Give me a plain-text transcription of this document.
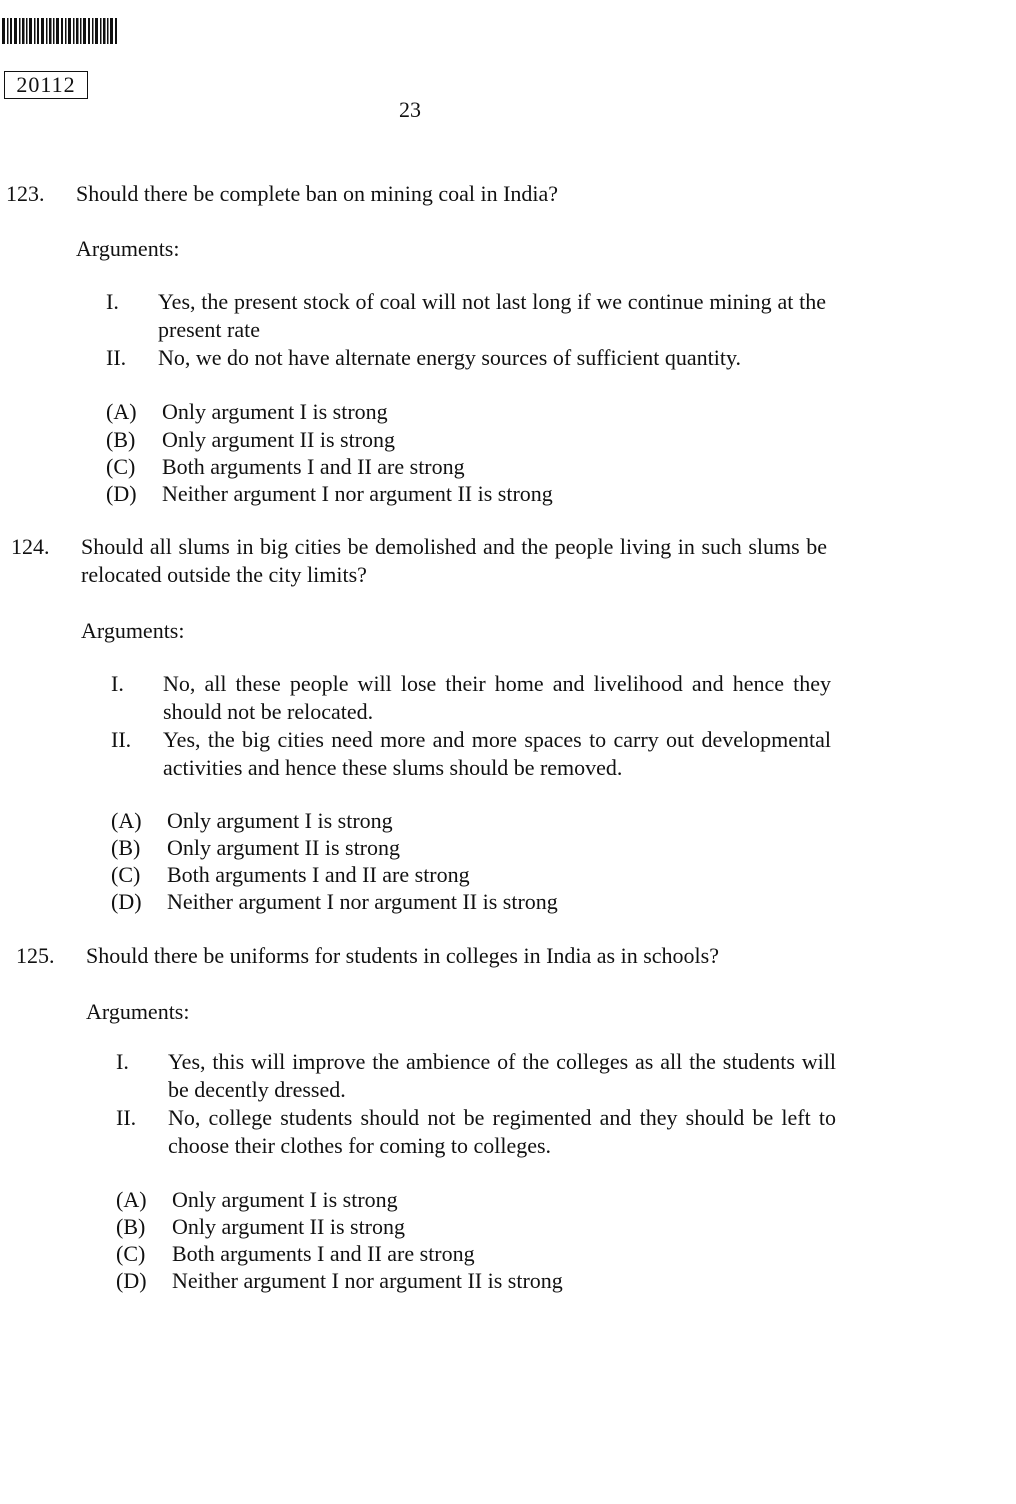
20112
23
123. Should there be complete ban on mining coal in India?
Arguments:
I. Yes, the present stock of coal will not last long if we continue mining at the present rate
II. No, we do not have alternate energy sources of sufficient quantity.
(A) Only argument I is strong
(B) Only argument II is strong
(C) Both arguments I and II are strong
(D) Neither argument I nor argument II is strong
124. Should all slums in big cities be demolished and the people living in such slums be relocated outside the city limits?
Arguments:
I. No, all these people will lose their home and livelihood and hence they should not be relocated.
II. Yes, the big cities need more and more spaces to carry out developmental activities and hence these slums should be removed.
(A) Only argument I is strong
(B) Only argument II is strong
(C) Both arguments I and II are strong
(D) Neither argument I nor argument II is strong
125. Should there be uniforms for students in colleges in India as in schools?
Arguments:
I. Yes, this will improve the ambience of the colleges as all the students will be decently dressed.
II. No, college students should not be regimented and they should be left to choose their clothes for coming to colleges.
(A) Only argument I is strong
(B) Only argument II is strong
(C) Both arguments I and II are strong
(D) Neither argument I nor argument II is strong
